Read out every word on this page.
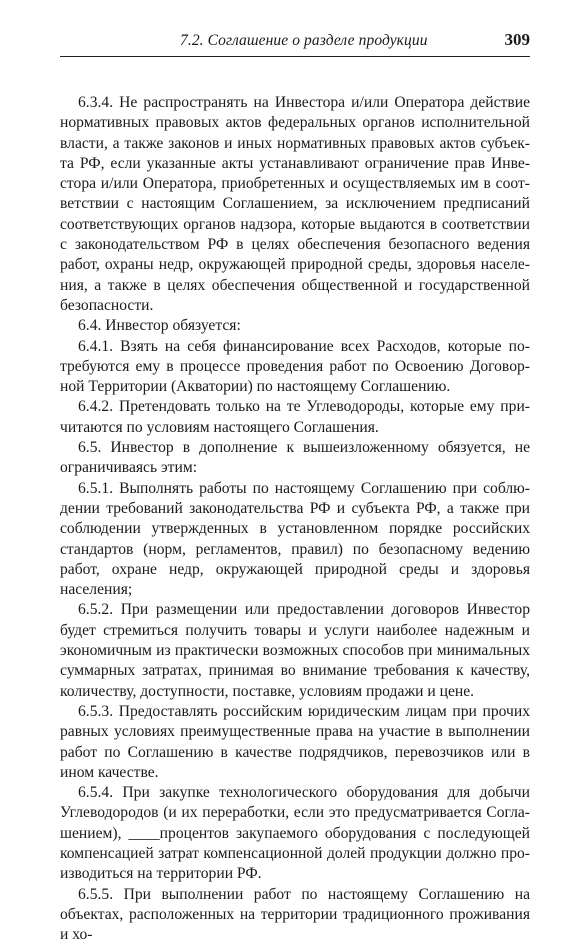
7.2. Соглашение о разделе продукции	309

6.3.4. Не распространять на Инвестора и/или Оператора действие нормативных правовых актов федеральных органов исполнительной власти, а также законов и иных нормативных правовых актов субъекта РФ, если указанные акты устанавливают ограничение прав Инвестора и/или Оператора, приобретенных и осуществляемых им в соответствии с настоящим Соглашением, за исключением предписаний соответствующих органов надзора, которые выдаются в соответствии с законодательством РФ в целях обеспечения безопасного ведения работ, охраны недр, окружающей природной среды, здоровья населения, а также в целях обеспечения общественной и государственной безопасности.

6.4. Инвестор обязуется:

6.4.1. Взять на себя финансирование всех Расходов, которые потребуются ему в процессе проведения работ по Освоению Договорной Территории (Акватории) по настоящему Соглашению.

6.4.2. Претендовать только на те Углеводороды, которые ему причитаются по условиям настоящего Соглашения.

6.5. Инвестор в дополнение к вышеизложенному обязуется, не ограничиваясь этим:

6.5.1. Выполнять работы по настоящему Соглашению при соблюдении требований законодательства РФ и субъекта РФ, а также при соблюдении утвержденных в установленном порядке российских стандартов (норм, регламентов, правил) по безопасному ведению работ, охране недр, окружающей природной среды и здоровья населения;

6.5.2. При размещении или предоставлении договоров Инвестор будет стремиться получить товары и услуги наиболее надежным и экономичным из практически возможных способов при минимальных суммарных затратах, принимая во внимание требования к качеству, количеству, доступности, поставке, условиям продажи и цене.

6.5.3. Предоставлять российским юридическим лицам при прочих равных условиях преимущественные права на участие в выполнении работ по Соглашению в качестве подрядчиков, перевозчиков или в ином качестве.

6.5.4. При закупке технологического оборудования для добычи Углеводородов (и их переработки, если это предусматривается Соглашением), ____процентов закупаемого оборудования с последующей компенсацией затрат компенсационной долей продукции должно производиться на территории РФ.

6.5.5. При выполнении работ по настоящему Соглашению на объектах, расположенных на территории традиционного проживания и хо-
